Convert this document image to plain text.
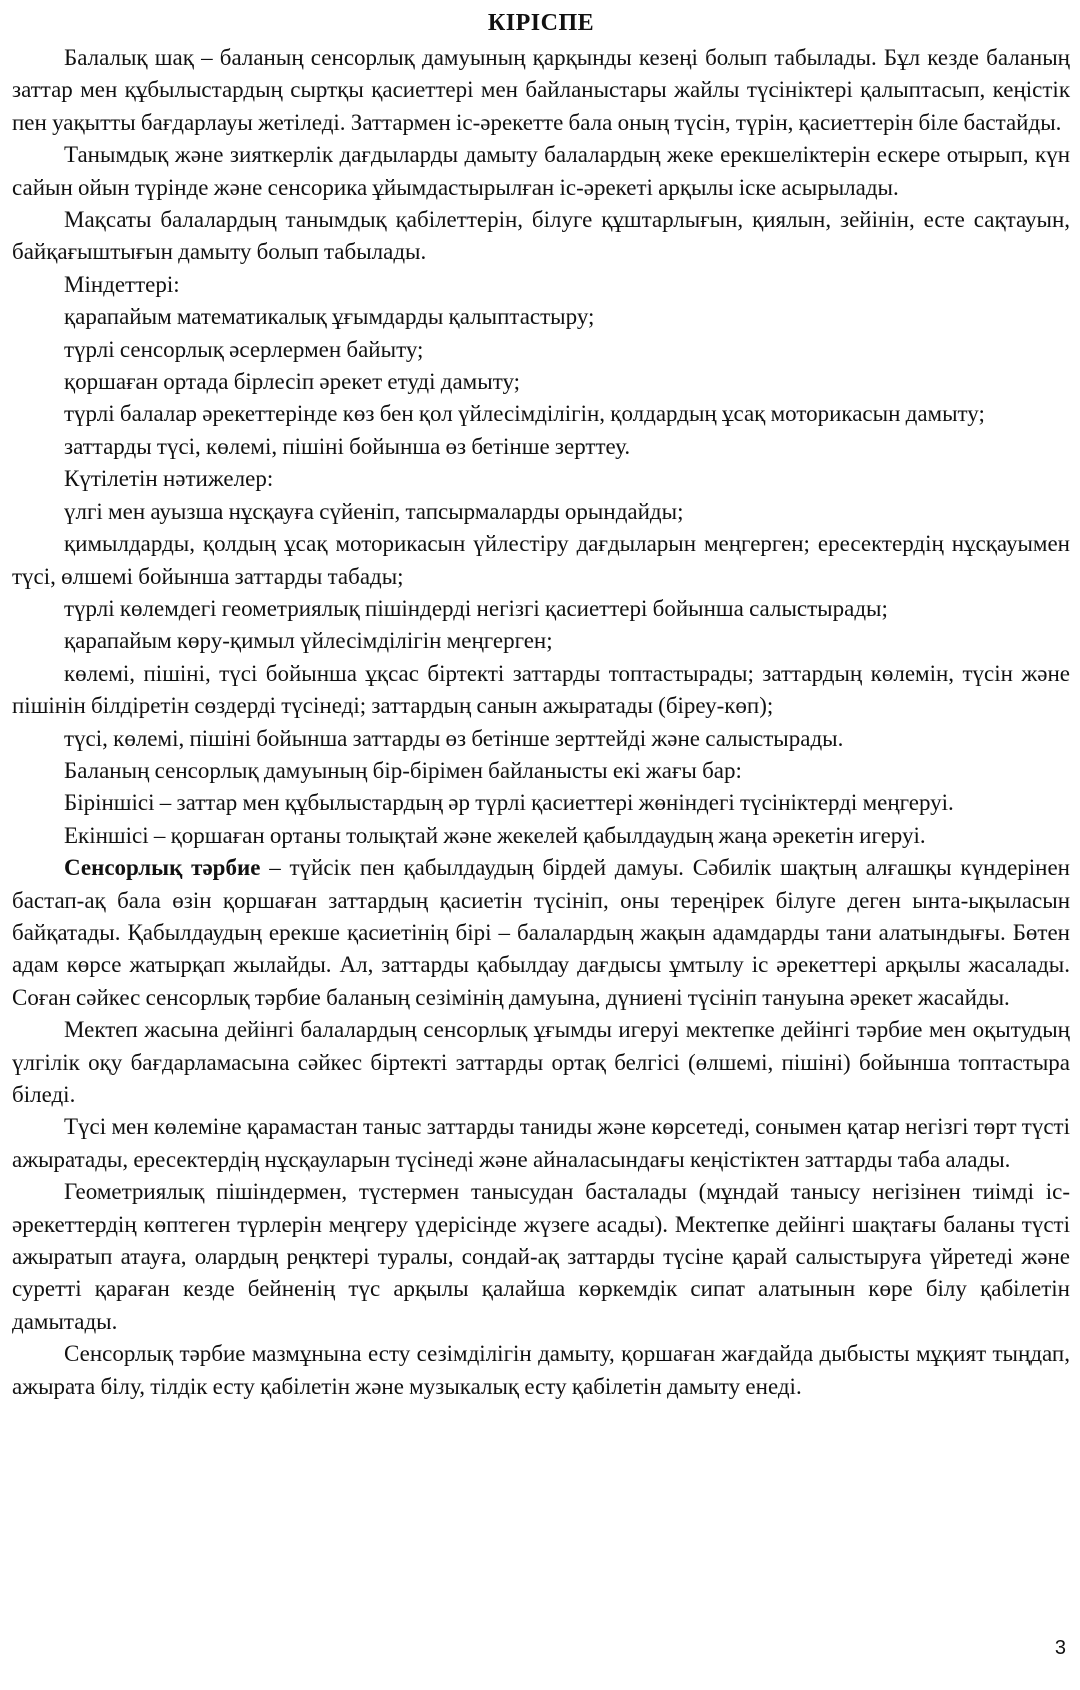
КІРІСПЕ

Балалық шақ – баланың сенсорлық дамуының қарқынды кезеңі болып табылады. Бұл кезде баланың заттар мен құбылыстардың сыртқы қасиеттері мен байланыстары жайлы түсініктері қалыптасып, кеңістік пен уақытты бағдарлауы жетіледі. Заттармен іс-әрекетте бала оның түсін, түрін, қасиеттерін біле бастайды.

Танымдық және зияткерлік дағдыларды дамыту балалардың жеке ерекшеліктерін ескере отырып, күн сайын ойын түрінде және сенсорика ұйымдастырылған іс-әрекеті арқылы іске асырылады.

Мақсаты балалардың танымдық қабілеттерін, білуге құштарлығын, қиялын, зейінін, есте сақтауын, байқағыштығын дамыту болып табылады.

Міндеттері:

қарапайым математикалық ұғымдарды қалыптастыру;

түрлі сенсорлық әсерлермен байыту;

қоршаған ортада бірлесіп әрекет етуді дамыту;

түрлі балалар әрекеттерінде көз бен қол үйлесімділігін, қолдардың ұсақ моторикасын дамыту;

заттарды түсі, көлемі, пішіні бойынша өз бетінше зерттеу.

Күтілетін нәтижелер:

үлгі мен ауызша нұсқауға сүйеніп, тапсырмаларды орындайды;

қимылдарды, қолдың ұсақ моторикасын үйлестіру дағдыларын меңгерген; ересектердің нұсқауымен түсі, өлшемі бойынша заттарды табады;

түрлі көлемдегі геометриялық пішіндерді негізгі қасиеттері бойынша салыстырады;

қарапайым көру-қимыл үйлесімділігін меңгерген;

көлемі, пішіні, түсі бойынша ұқсас біртекті заттарды топтастырады; заттардың көлемін, түсін және пішінін білдіретін сөздерді түсінеді; заттардың санын ажыратады (біреу-көп);

түсі, көлемі, пішіні бойынша заттарды өз бетінше зерттейді және салыстырады.

Баланың сенсорлық дамуының бір-бірімен байланысты екі жағы бар:

Біріншісі – заттар мен құбылыстардың әр түрлі қасиеттері жөніндегі түсініктерді меңгеруі.

Екіншісі – қоршаған ортаны толықтай және жекелей қабылдаудың жаңа әрекетін игеруі.

Сенсорлық тәрбие – түйсік пен қабылдаудың бірдей дамуы. Сәбилік шақтың алғашқы күндерінен бастап-ақ бала өзін қоршаған заттардың қасиетін түсініп, оны тереңірек білуге деген ынта-ықыласын байқатады. Қабылдаудың ерекше қасиетінің бірі – балалардың жақын адамдарды тани алатындығы. Бөтен адам көрсе жатырқап жылайды. Ал, заттарды қабылдау дағдысы ұмтылу іс әрекеттері арқылы жасалады. Соған сәйкес сенсорлық тәрбие баланың сезімінің дамуына, дүниені түсініп тануына әрекет жасайды.

Мектеп жасына дейінгі балалардың сенсорлық ұғымды игеруі мектепке дейінгі тәрбие мен оқытудың үлгілік оқу бағдарламасына сәйкес біртекті заттарды ортақ белгісі (өлшемі, пішіні) бойынша топтастыра біледі.

Түсі мен көлеміне қарамастан таныс заттарды таниды және көрсетеді, сонымен қатар негізгі төрт түсті ажыратады, ересектердің нұсқауларын түсінеді және айналасындағы кеңістіктен заттарды таба алады.

Геометриялық пішіндермен, түстермен танысудан басталады (мұндай танысу негізінен тиімді іс-әрекеттердің көптеген түрлерін меңгеру үдерісінде жүзеге асады). Мектепке дейінгі шақтағы баланы түсті ажыратып атауға, олардың реңктері туралы, сондай-ақ заттарды түсіне қарай салыстыруға үйретеді және суретті қараған кезде бейненің түс арқылы қалайша көркемдік сипат алатынын көре білу қабілетін дамытады.

Сенсорлық тәрбие мазмұнына есту сезімділігін дамыту, қоршаған жағдайда дыбысты мұқият тыңдап, ажырата білу, тілдік есту қабілетін және музыкалық есту қабілетін дамыту енеді.

3
